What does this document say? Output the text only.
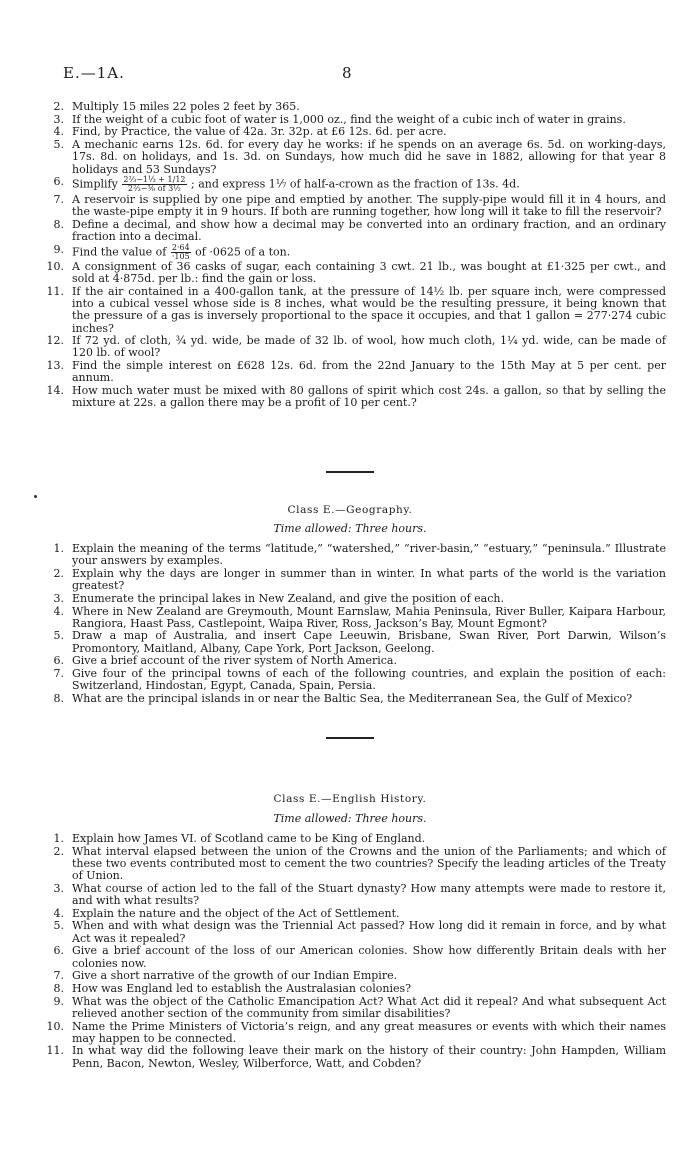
E.—1A.	8
2. Multiply 15 miles 22 poles 2 feet by 365.
3. If the weight of a cubic foot of water is 1,000 oz., find the weight of a cubic inch of water in grains.
4. Find, by Practice, the value of 42a. 3r. 32p. at £6 12s. 6d. per acre.
5. A mechanic earns 12s. 6d. for every day he works: if he spends on an average 6s. 5d. on working-days, 17s. 8d. on holidays, and 1s. 3d. on Sundays, how much did he save in 1882, allowing for that year 8 holidays and 53 Sundays?
6. Simplify $\frac{\text{2⅔−1⅓ + 1/12}}{\text{2⅔−⅜ of 3½}}$ ; and express 1⅐ of half-a-crown as the fraction of 13s. 4d.
7. A reservoir is supplied by one pipe and emptied by another. The supply-pipe would fill it in 4 hours, and the waste-pipe empty it in 9 hours. If both are running together, how long will it take to fill the reservoir?
8. Define a decimal, and show how a decimal may be converted into an ordinary fraction, and an ordinary fraction into a decimal.
9. Find the value of $\frac{2\cdot 64}{\cdot 105}$ of ·0625 of a ton.
10. A consignment of 36 casks of sugar, each containing 3 cwt. 21 lb., was bought at £1·325 per cwt., and sold at 4·875d. per lb.: find the gain or loss.
11. If the air contained in a 400-gallon tank, at the pressure of 14½ lb. per square inch, were compressed into a cubical vessel whose side is 8 inches, what would be the resulting pressure, it being known that the pressure of a gas is inversely proportional to the space it occupies, and that 1 gallon = 277·274 cubic inches?
12. If 72 yd. of cloth, ¾ yd. wide, be made of 32 lb. of wool, how much cloth, 1¼ yd. wide, can be made of 120 lb. of wool?
13. Find the simple interest on £628 12s. 6d. from the 22nd January to the 15th May at 5 per cent. per annum.
14. How much water must be mixed with 80 gallons of spirit which cost 24s. a gallon, so that by selling the mixture at 22s. a gallon there may be a profit of 10 per cent.?
Class E.—Geography.
Time allowed: Three hours.
1. Explain the meaning of the terms “latitude,” “watershed,” “river-basin,” “estuary,” “peninsula.” Illustrate your answers by examples.
2. Explain why the days are longer in summer than in winter. In what parts of the world is the variation greatest?
3. Enumerate the principal lakes in New Zealand, and give the position of each.
4. Where in New Zealand are Greymouth, Mount Earnslaw, Mahia Peninsula, River Buller, Kaipara Harbour, Rangiora, Haast Pass, Castlepoint, Waipa River, Ross, Jackson’s Bay, Mount Egmont?
5. Draw a map of Australia, and insert Cape Leeuwin, Brisbane, Swan River, Port Darwin, Wilson’s Promontory, Maitland, Albany, Cape York, Port Jackson, Geelong.
6. Give a brief account of the river system of North America.
7. Give four of the principal towns of each of the following countries, and explain the position of each: Switzerland, Hindostan, Egypt, Canada, Spain, Persia.
8. What are the principal islands in or near the Baltic Sea, the Mediterranean Sea, the Gulf of Mexico?
Class E.—English History.
Time allowed: Three hours.
1. Explain how James VI. of Scotland came to be King of England.
2. What interval elapsed between the union of the Crowns and the union of the Parliaments; and which of these two events contributed most to cement the two countries? Specify the leading articles of the Treaty of Union.
3. What course of action led to the fall of the Stuart dynasty? How many attempts were made to restore it, and with what results?
4. Explain the nature and the object of the Act of Settlement.
5. When and with what design was the Triennial Act passed? How long did it remain in force, and by what Act was it repealed?
6. Give a brief account of the loss of our American colonies. Show how differently Britain deals with her colonies now.
7. Give a short narrative of the growth of our Indian Empire.
8. How was England led to establish the Australasian colonies?
9. What was the object of the Catholic Emancipation Act? What Act did it repeal? And what subsequent Act relieved another section of the community from similar disabilities?
10. Name the Prime Ministers of Victoria’s reign, and any great measures or events with which their names may happen to be connected.
11. In what way did the following leave their mark on the history of their country: John Hampden, William Penn, Bacon, Newton, Wesley, Wilberforce, Watt, and Cobden?
